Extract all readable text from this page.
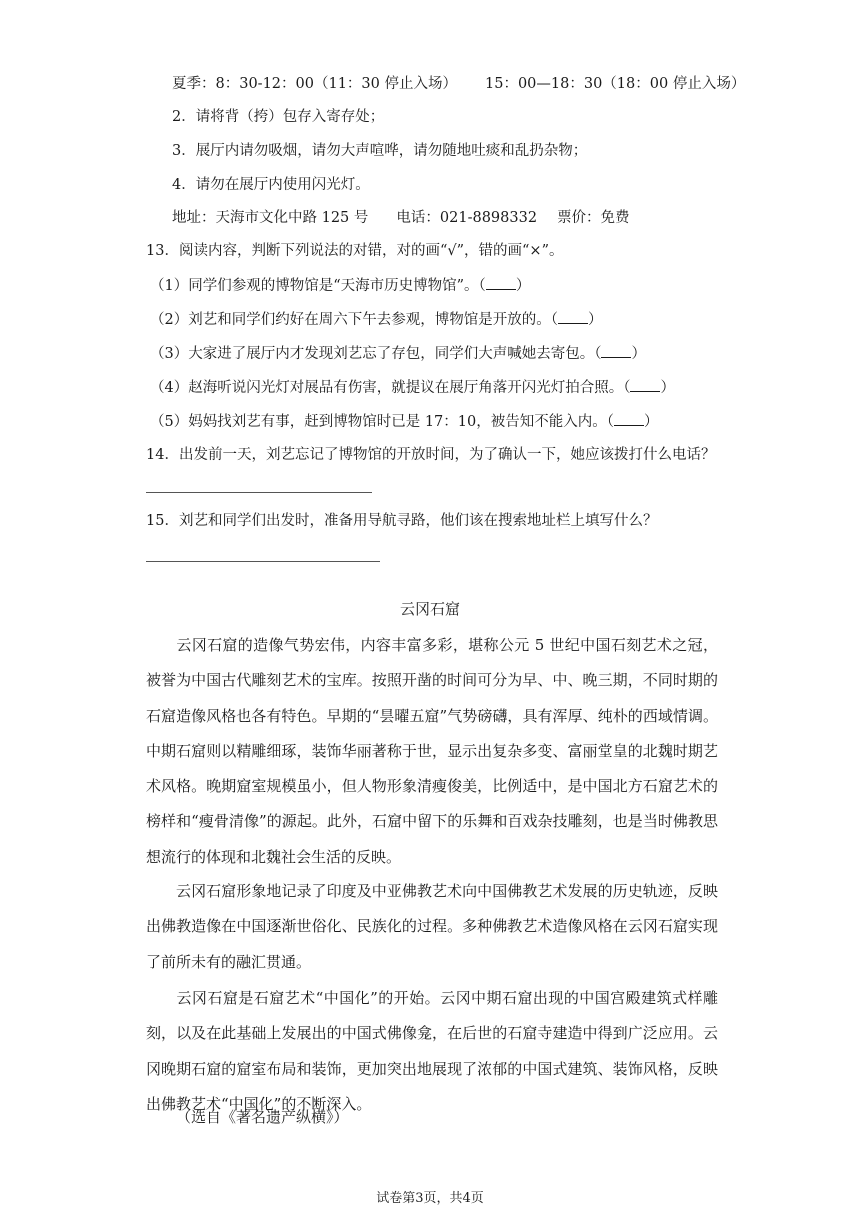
夏季：8：30-12：00（11：30 停止入场） 15：00—18：30（18：00 停止入场）
2．请将背（挎）包存入寄存处；
3．展厅内请勿吸烟，请勿大声喧哗，请勿随地吐痰和乱扔杂物；
4．请勿在展厅内使用闪光灯。
地址：天海市文化中路 125 号 电话：021-8898332 票价：免费
13．阅读内容，判断下列说法的对错，对的画“√”，错的画“×”。
（1）同学们参观的博物馆是“天海市历史博物馆”。（ ）
（2）刘艺和同学们约好在周六下午去参观，博物馆是开放的。（ ）
（3）大家进了展厅内才发现刘艺忘了存包，同学们大声喊她去寄包。（ ）
（4）赵海听说闪光灯对展品有伤害，就提议在展厅角落开闪光灯拍合照。（ ）
（5）妈妈找刘艺有事，赶到博物馆时已是 17：10，被告知不能入内。（ ）
14．出发前一天，刘艺忘记了博物馆的开放时间，为了确认一下，她应该拨打什么电话？
15．刘艺和同学们出发时，准备用导航寻路，他们该在搜索地址栏上填写什么？
云冈石窟
云冈石窟的造像气势宏伟，内容丰富多彩，堪称公元 5 世纪中国石刻艺术之冠，被誉为中国古代雕刻艺术的宝库。按照开凿的时间可分为早、中、晚三期，不同时期的石窟造像风格也各有特色。早期的“昙曜五窟”气势磅礴，具有浑厚、纯朴的西域情调。中期石窟则以精雕细琢，装饰华丽著称于世，显示出复杂多变、富丽堂皇的北魏时期艺术风格。晚期窟室规模虽小，但人物形象清瘦俊美，比例适中，是中国北方石窟艺术的榜样和“瘦骨清像”的源起。此外，石窟中留下的乐舞和百戏杂技雕刻，也是当时佛教思想流行的体现和北魏社会生活的反映。
云冈石窟形象地记录了印度及中亚佛教艺术向中国佛教艺术发展的历史轨迹，反映出佛教造像在中国逐渐世俗化、民族化的过程。多种佛教艺术造像风格在云冈石窟实现了前所未有的融汇贯通。
云冈石窟是石窟艺术“中国化”的开始。云冈中期石窟出现的中国宫殿建筑式样雕刻，以及在此基础上发展出的中国式佛像龛，在后世的石窟寺建造中得到广泛应用。云冈晚期石窟的窟室布局和装饰，更加突出地展现了浓郁的中国式建筑、装饰风格，反映出佛教艺术“中国化”的不断深入。
（选自《著名遗产纵横》）
试卷第3页，共4页
